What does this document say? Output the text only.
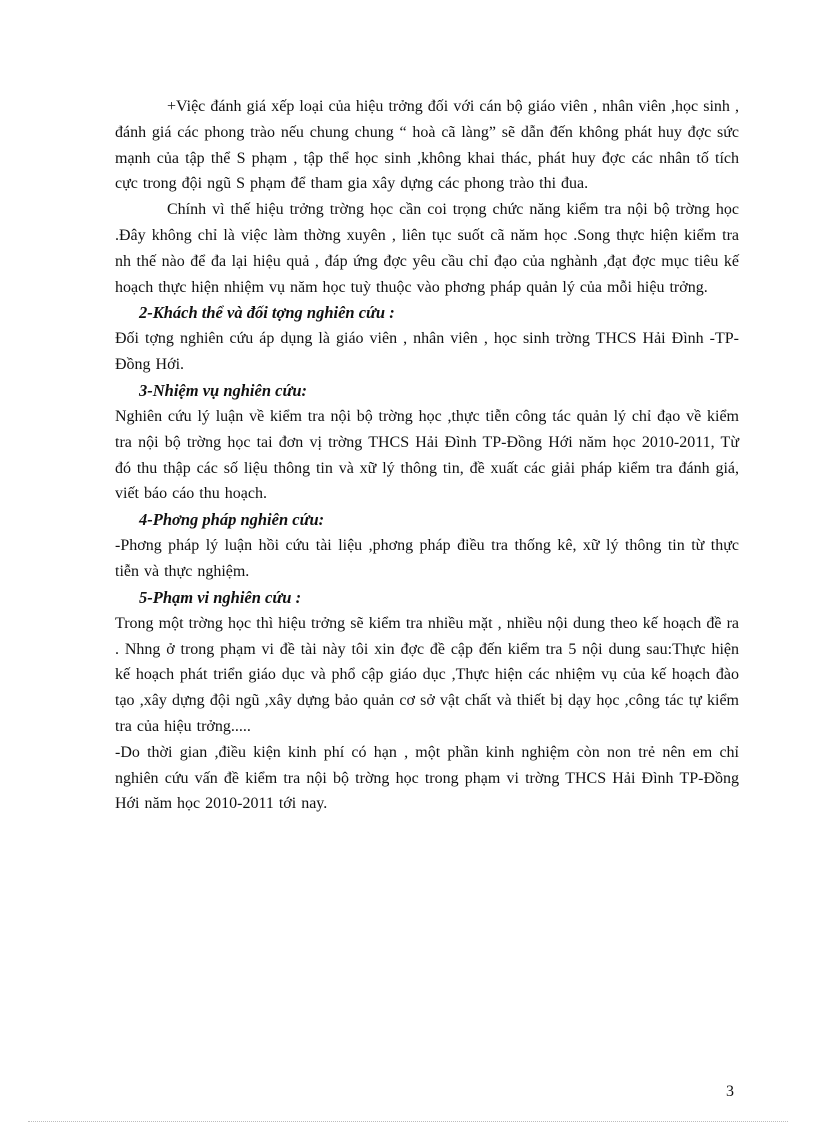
+Việc đánh giá xếp loại của hiệu trởng đối với cán bộ giáo viên , nhân viên ,học sinh , đánh giá các phong trào nếu chung chung “ hoà cã làng” sẽ dẫn đến không phát huy đợc sức mạnh của tập thể S phạm , tập thể học sinh ,không khai thác, phát huy đợc các nhân tố tích cực trong đội ngũ S phạm để tham gia xây dựng các phong trào thi đua.

Chính vì thế hiệu trởng trờng học cần coi trọng chức năng kiểm tra nội bộ trờng học .Đây không chỉ là việc làm thờng xuyên , liên tục suốt cã năm học .Song thực hiện kiểm tra nh thế nào để đa lại hiệu quả , đáp ứng đợc yêu cầu chỉ đạo của nghành ,đạt đợc mục tiêu kế hoạch thực hiện nhiệm vụ năm học tuỳ thuộc vào phơng pháp quản lý của mỗi hiệu trởng.

2-Khách thể và đối tợng nghiên cứu :

Đối tợng nghiên cứu áp dụng là giáo viên , nhân viên , học sinh trờng THCS Hải Đình -TP-Đồng Hới.

3-Nhiệm vụ nghiên cứu:

Nghiên cứu lý luận về kiểm tra nội bộ trờng học ,thực tiễn công tác quản lý chỉ đạo về kiểm tra nội bộ trờng học tai đơn vị trờng THCS Hải Đình TP-Đồng Hới năm học 2010-2011, Từ đó thu thập các số liệu thông tin và xữ lý thông tin, đề xuất các giải pháp kiểm tra đánh giá, viết báo cáo thu hoạch.

4-Phơng pháp nghiên cứu:

-Phơng pháp lý luận hồi cứu tài liệu ,phơng pháp điều tra thống kê, xữ lý thông tin từ thực tiễn và thực nghiệm.

5-Phạm vi nghiên cứu :

Trong một trờng học thì hiệu trởng sẽ kiểm tra nhiều mặt , nhiều nội dung theo kế hoạch đề ra . Nhng ở trong phạm vi đề tài này tôi xin đợc đề cập đến kiểm tra 5 nội dung sau:Thực hiện kế hoạch phát triển giáo dục và phổ cập giáo dục ,Thực hiện các nhiệm vụ của kế hoạch đào tạo ,xây dựng đội ngũ ,xây dựng bảo quản cơ sở vật chất và thiết bị dạy học ,công tác tự kiểm tra của hiệu trởng.....

-Do thời gian ,điều kiện kinh phí có hạn , một phần kinh nghiệm còn non trẻ nên em chỉ nghiên cứu vấn đề kiểm tra nội bộ trờng học trong phạm vi trờng THCS Hải Đình TP-Đồng Hới năm học 2010-2011 tới nay.

3
